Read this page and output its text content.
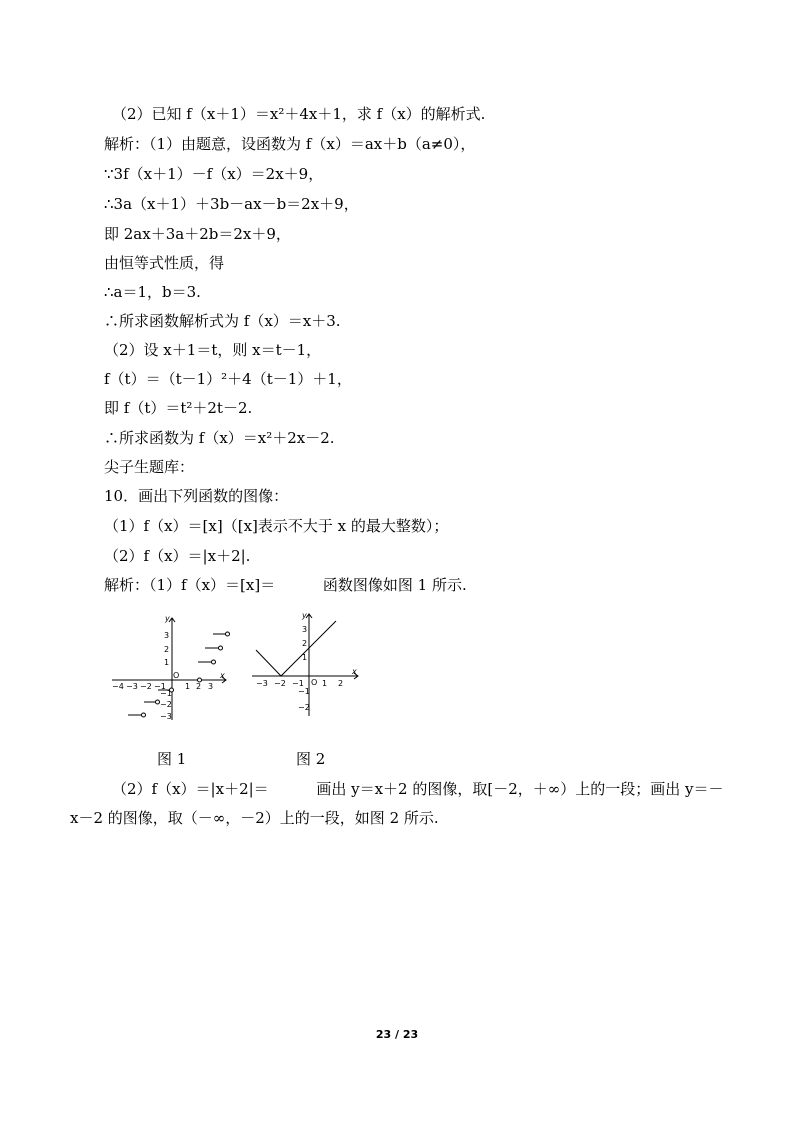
（2）已知 f（x＋1）＝x²＋4x＋1，求 f（x）的解析式.
解析：（1）由题意，设函数为 f（x）＝ax＋b（a≠0），
∵3f（x＋1）－f（x）＝2x＋9，
∴3a（x＋1）＋3b－ax－b＝2x＋9，
即 2ax＋3a＋2b＝2x＋9，
由恒等式性质，得
∴a＝1，b＝3.
∴所求函数解析式为 f（x）＝x＋3.
（2）设 x＋1＝t，则 x＝t－1，
f（t）＝（t－1）²＋4（t－1）＋1，
即 f（t）＝t²＋2t－2.
∴所求函数为 f（x）＝x²＋2x－2.
尖子生题库：
10．画出下列函数的图像：
（1）f（x）＝[x]（[x]表示不大于 x 的最大整数）；
（2）f（x）＝|x＋2|.
解析：（1）f（x）＝[x]＝          函数图像如图 1 所示.
y
x
O
−4 −3 −2 −1 1 2 3
3
2
1
−1
−2
−3
y
x
O
−3 −2 −1 1 2
3
2
1
−1
−2
图 1	图 2
（2）f（x）＝|x＋2|＝          画出 y＝x＋2 的图像，取[－2，＋∞）上的一段；画出 y＝－
x－2 的图像，取（－∞，－2）上的一段，如图 2 所示.
23 / 23
